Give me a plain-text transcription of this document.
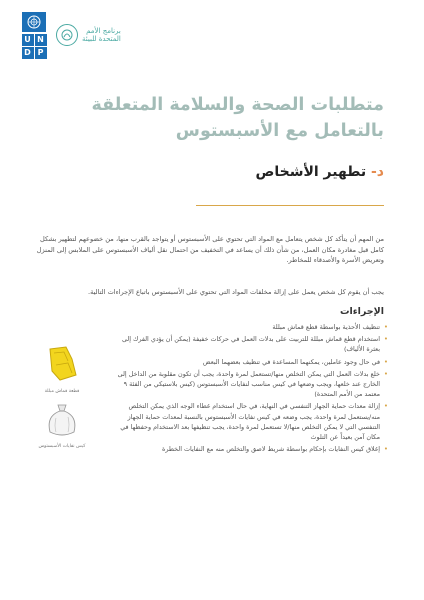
U N
D P
برنامج الأمم
المتحدة للبيئة
متطلبات الصحة والسلامة المتعلقة بالتعامل مع الأسبستوس
د- تطهير الأشخاص

من المهم أن يتأكد كل شخص يتعامل مع المواد التي تحتوي على الأسبستوس أو يتواجد بالقرب منها، من خضوعهم لتطهير بشكل كامل قبل مغادرة مكان العمل، من شأن ذلك أن يساعد في التخفيف من احتمال نقل ألياف الأسبستوس على الملابس إلى المنزل وتعريض الأسرة والأصدقاء للمخاطر.

يجب أن يقوم كل شخص يعمل على إزالة مخلفات المواد التي تحتوي على الأسبستوس باتباع الإجراءات التالية.

الإجراءات
•
تنظيف الأحذية بواسطة قطع قماش مبللة
•
استخدام قطع قماش مبللة للتربيت على بدلات العمل في حركات خفيفة (يمكن أن يؤدي الفرك إلى بعثرة الألياف)
•
في حال وجود عاملين، يمكنهما المساعدة في تنظيف بعضهما البعض
•
خلع بدلات العمل التي يمكن التخلص منها/تستعمل لمرة واحدة، يجب أن تكون مقلوبة من الداخل إلى الخارج عند خلعها، ويجب وضعها في كيس مناسب لنفايات الأسبستوس (كيس بلاستيكي من الفئة ٩ معتمد من الأمم المتحدة)
•
إزالة معدات حماية الجهاز التنفسي في النهاية، في حال استخدام غطاء الوجه الذي يمكن التخلص منه/يستعمل لمرة واحدة، يجب وضعه في كيس نفايات الأسبستوس بالنسبة لمعدات حماية الجهاز التنفسي التي لا يمكن التخلص منها/لا تستعمل لمرة واحدة، يجب تنظيفها بعد الاستخدام وحفظها في مكان آمن بعيداً عن التلوث
•
إغلاق كيس النفايات بإحكام بواسطة شريط لاصق والتخلص منه مع النفايات الخطرة
قطعة قماش مبللة
كيس نفايات الأسبستوس
